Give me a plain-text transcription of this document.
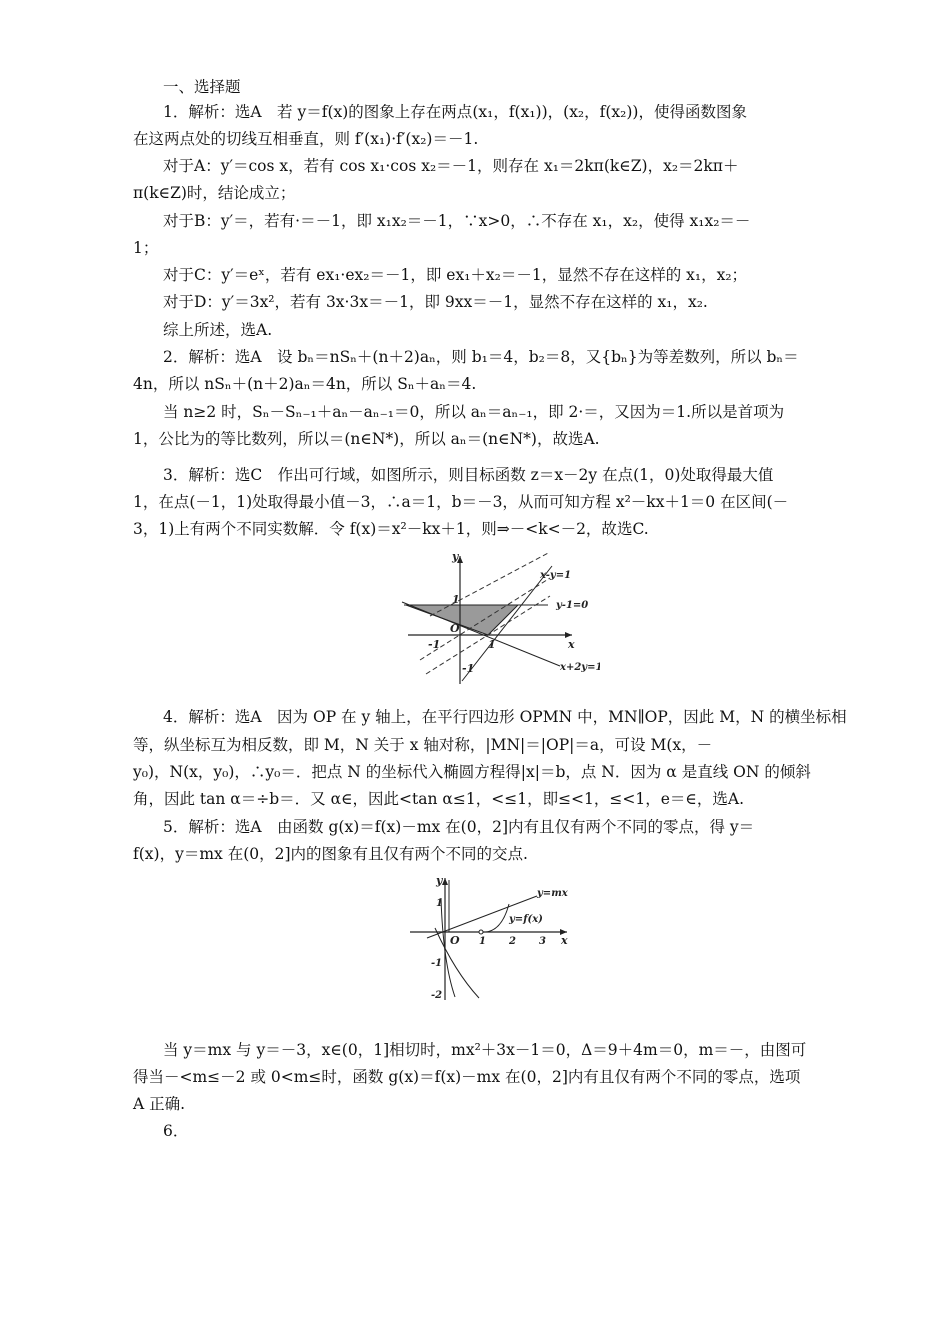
一、选择题
1．解析：选A　若 y＝f(x)的图象上存在两点(x₁，f(x₁))，(x₂，f(x₂))，使得函数图象
在这两点处的切线互相垂直，则 f′(x₁)·f′(x₂)＝－1.
对于A：y′＝cos x，若有 cos x₁·cos x₂＝－1，则存在 x₁＝2kπ(k∈Z)，x₂＝2kπ＋
π(k∈Z)时，结论成立；
对于B：y′＝，若有·＝－1，即 x₁x₂＝－1，∵x>0，∴不存在 x₁，x₂，使得 x₁x₂＝－
1；
对于C：y′＝eˣ，若有 ex₁·ex₂＝－1，即 ex₁＋x₂＝－1，显然不存在这样的 x₁，x₂；
对于D：y′＝3x²，若有 3x·3x＝－1，即 9xx＝－1，显然不存在这样的 x₁，x₂.
综上所述，选A.
2．解析：选A　设 bₙ＝nSₙ＋(n＋2)aₙ，则 b₁＝4，b₂＝8，又{bₙ}为等差数列，所以 bₙ＝
4n，所以 nSₙ＋(n＋2)aₙ＝4n，所以 Sₙ＋aₙ＝4.
当 n≥2 时，Sₙ－Sₙ₋₁＋aₙ－aₙ₋₁＝0，所以 aₙ＝aₙ₋₁，即 2·＝，又因为＝1.所以是首项为
1，公比为的等比数列，所以＝(n∈N*)，所以 aₙ＝(n∈N*)，故选A.
3．解析：选C　作出可行域，如图所示，则目标函数 z＝x－2y 在点(1，0)处取得最大值
1，在点(－1，1)处取得最小值－3，∴a＝1，b＝－3，从而可知方程 x²－kx＋1＝0 在区间(－
3，1)上有两个不同实数解．令 f(x)＝x²－kx＋1，则⇒－<k<－2，故选C.
y
x
1
O
-1	1
-1
x-y=1
y-1=0
x+2y=1
4．解析：选A　因为 OP 在 y 轴上，在平行四边形 OPMN 中，MN∥OP，因此 M，N 的横坐标相
等，纵坐标互为相反数，即 M，N 关于 x 轴对称，|MN|＝|OP|＝a，可设 M(x，－
y₀)，N(x，y₀)，∴y₀＝．把点 N 的坐标代入椭圆方程得|x|＝b，点 N．因为 α 是直线 ON 的倾斜
角，因此 tan α＝÷b＝．又 α∈，因此<tan α≤1，<≤1，即≤<1，≤<1，e＝∈，选A.
5．解析：选A　由函数 g(x)＝f(x)－mx 在(0，2]内有且仅有两个不同的零点，得 y＝
f(x)，y＝mx 在(0，2]内的图象有且仅有两个不同的交点.
y
x
y=mx
y=f(x)
O 1 2 3
1
-1
-2
当 y＝mx 与 y＝－3，x∈(0，1]相切时，mx²＋3x－1＝0，Δ＝9＋4m＝0，m＝－，由图可
得当－<m≤－2 或 0<m≤时，函数 g(x)＝f(x)－mx 在(0，2]内有且仅有两个不同的零点，选项
A 正确.
6．
